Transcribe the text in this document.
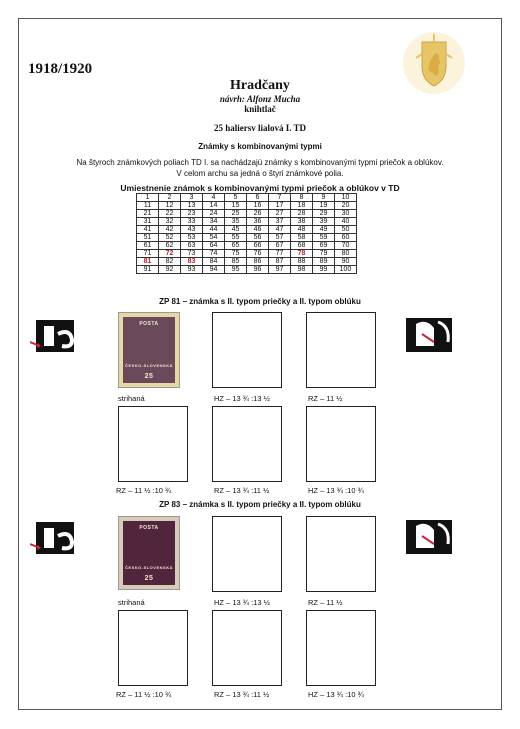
1918/1920
Hradčany
návrh: Alfonz Mucha
knihtlač
25 haliersv lialová I. TD
Známky s kombinovanými typmi
Na štyroch známkových poliach TD I. sa nachádzajú známky s kombinovanými typmi priečok a oblúkov.
V celom archu sa jedná o štyri známkové polia.
Umiestnenie známok s kombinovanými typmi priečok a oblúkov v TD
1	2	3	4	5	6	7	8	9	10
11	12	13	14	15	16	17	18	19	20
21	22	23	24	25	26	27	28	29	30
31	32	33	34	35	36	37	38	39	40
41	42	43	44	45	46	47	48	49	50
51	52	53	54	55	56	57	58	59	60
61	62	63	64	65	66	67	68	69	70
71	72	73	74	75	76	77	78	79	80
81	82	83	84	85	86	87	88	89	90
91	92	93	94	95	96	97	98	99	100
ZP 81 – známka s II. typom priečky a II. typom oblúku
POSTA
ČESKO-SLOVENSKÁ
25
strihaná	HZ – 13 ¾ :13 ½	RZ – 11 ½
RZ – 11 ½ :10 ¾	RZ – 13 ¾ :11 ½	HZ – 13 ¾ :10 ¾
ZP 83 – známka s II. typom priečky a II. typom oblúku
POSTA
ČESKO-SLOVENSKÁ
25
strihaná	HZ – 13 ¾ :13 ½	RZ – 11 ½
RZ – 11 ½ :10 ¾	RZ – 13 ¾ :11 ½	HZ – 13 ¾ :10 ¾
